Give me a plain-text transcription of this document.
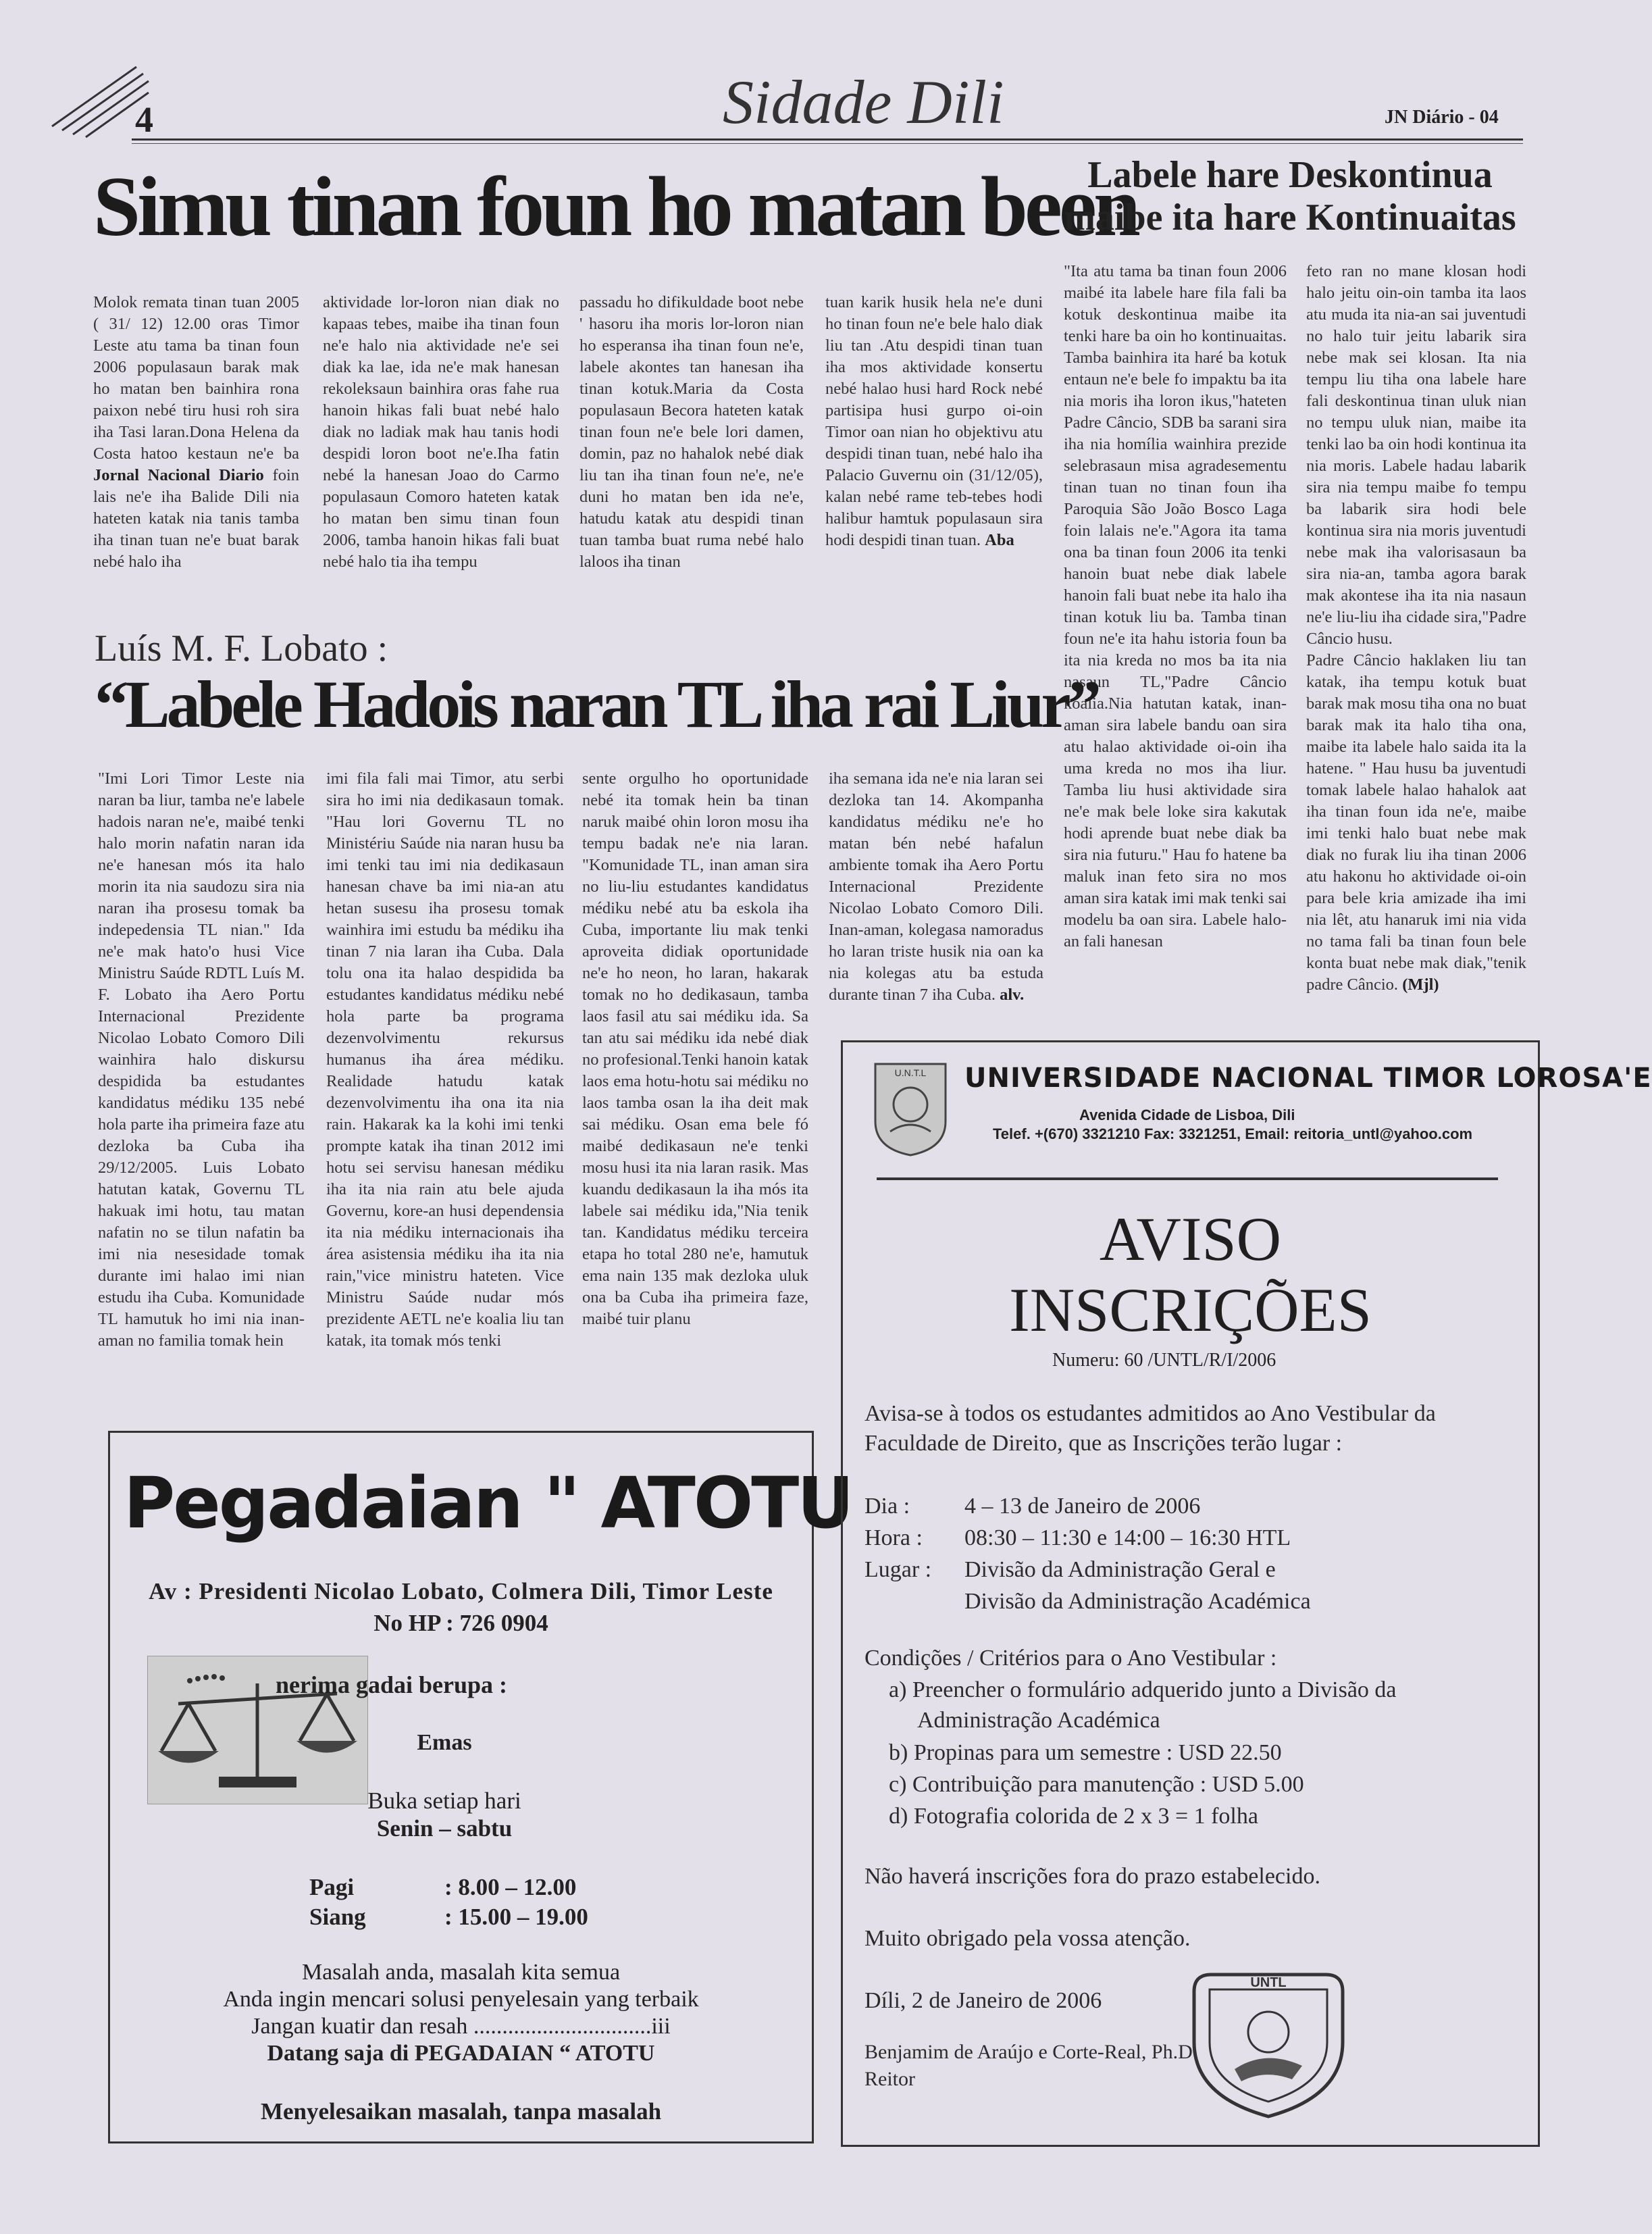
4	Sidade Dili	JN Diário - 04
Simu tinan foun ho matan been
Molok remata tinan tuan 2005 ( 31/ 12) 12.00 oras Timor Leste atu tama ba tinan foun 2006 populasaun barak mak ho matan ben bainhira rona paixon nebé tiru husi roh sira iha Tasi laran.Dona Helena da Costa hatoo kestaun ne'e ba Jornal Nacional Diario foin lais ne'e iha Balide Dili nia hateten katak nia tanis tamba iha tinan tuan ne'e buat barak nebé halo iha
aktividade lor-loron nian diak no kapaas tebes, maibe iha tinan foun ne'e halo nia aktividade ne'e sei diak ka lae, ida ne'e mak hanesan rekoleksaun bainhira oras fahe rua hanoin hikas fali buat nebé halo diak no ladiak mak hau tanis hodi despidi loron boot ne'e.Iha fatin nebé la hanesan Joao do Carmo populasaun Comoro hateten katak ho matan ben simu tinan foun 2006, tamba hanoin hikas fali buat nebé halo tia iha tempu
passadu ho difikuldade boot nebe ' hasoru iha moris lor-loron nian ho esperansa iha tinan foun ne'e, labele akontes tan hanesan iha tinan kotuk.Maria da Costa populasaun Becora hateten katak tinan foun ne'e bele lori damen, domin, paz no hahalok nebé diak liu tan iha tinan foun ne'e, ne'e duni ho matan ben ida ne'e, hatudu katak atu despidi tinan tuan tamba buat ruma nebé halo laloos iha tinan
tuan karik husik hela ne'e duni ho tinan foun ne'e bele halo diak liu tan .Atu despidi tinan tuan iha mos aktividade konsertu nebé halao husi hard Rock nebé partisipa husi gurpo oi-oin Timor oan nian ho objektivu atu despidi tinan tuan, nebé halo iha Palacio Guvernu oin (31/12/05), kalan nebé rame teb-tebes hodi halibur hamtuk populasaun sira hodi despidi tinan tuan. Aba
Labele hare Deskontinua maibe ita hare Kontinuaitas
"Ita atu tama ba tinan foun 2006 maibé ita labele hare fila fali ba kotuk deskontinua maibe ita tenki hare ba oin ho kontinuaitas. Tamba bainhira ita haré ba kotuk entaun ne'e bele fo impaktu ba ita nia moris iha loron ikus,"hateten Padre Câncio, SDB ba sarani sira iha nia homília wainhira prezide selebrasaun misa agradesementu tinan tuan no tinan foun iha Paroquia São João Bosco Laga foin lalais ne'e."Agora ita tama ona ba tinan foun 2006 ita tenki hanoin buat nebe diak labele hanoin fali buat nebe ita halo iha tinan kotuk liu ba. Tamba tinan foun ne'e ita hahu istoria foun ba ita nia kreda no mos ba ita nia nasaun TL,"Padre Câncio koalia.Nia hatutan katak, inan-aman sira labele bandu oan sira atu halao aktividade oi-oin iha uma kreda no mos iha liur. Tamba liu husi aktividade sira ne'e mak bele loke sira kakutak hodi aprende buat nebe diak ba sira nia futuru." Hau fo hatene ba maluk inan feto sira no mos aman sira katak imi mak tenki sai modelu ba oan sira. Labele halo-an fali hanesan

feto ran no mane klosan hodi halo jeitu oin-oin tamba ita laos atu muda ita nia-an sai juventudi no halo tuir jeitu labarik sira nebe mak sei klosan. Ita nia tempu liu tiha ona labele hare fali deskontinua tinan uluk nian no tempu uluk nian, maibe ita tenki lao ba oin hodi kontinua ita nia moris. Labele hadau labarik sira nia tempu maibe fo tempu ba labarik sira hodi bele kontinua sira nia moris juventudi nebe mak iha valorisasaun ba sira nia-an, tamba agora barak mak akontese iha ita nia nasaun ne'e liu-liu iha cidade sira,"Padre Câncio husu.

Padre Câncio haklaken liu tan katak, iha tempu kotuk buat barak mak mosu tiha ona no buat barak mak ita halo tiha ona, maibe ita labele halo saida ita la hatene. " Hau husu ba juventudi tomak labele halao hahalok aat iha tinan foun ida ne'e, maibe imi tenki halo buat nebe mak diak no furak liu iha tinan 2006 atu hakonu ho aktividade oi-oin para bele kria amizade iha imi nia lêt, atu hanaruk imi nia vida no tama fali ba tinan foun bele konta buat nebe mak diak,"tenik padre Câncio. (Mjl)

Luís M. F. Lobato :
“Labele Hadois naran TL iha rai Liur”
"Imi Lori Timor Leste nia naran ba liur, tamba ne'e labele hadois naran ne'e, maibé tenki halo morin nafatin naran ida ne'e hanesan mós ita halo morin ita nia saudozu sira nia naran iha prosesu tomak ba indepedensia TL nian." Ida ne'e mak hato'o husi Vice Ministru Saúde RDTL Luís M. F. Lobato iha Aero Portu Internacional Prezidente Nicolao Lobato Comoro Dili wainhira halo diskursu despidida ba estudantes kandidatus médiku 135 nebé hola parte iha primeira faze atu dezloka ba Cuba iha 29/12/2005. Luis Lobato hatutan katak, Governu TL hakuak imi hotu, tau matan nafatin no se tilun nafatin ba imi nia nesesidade tomak durante imi halao imi nian estudu iha Cuba. Komunidade TL hamutuk ho imi nia inan-aman no familia tomak hein
imi fila fali mai Timor, atu serbi sira ho imi nia dedikasaun tomak. "Hau lori Governu TL no Ministériu Saúde nia naran husu ba imi tenki tau imi nia dedikasaun hanesan chave ba imi nia-an atu hetan susesu iha prosesu tomak wainhira imi estudu ba médiku iha tinan 7 nia laran iha Cuba. Dala tolu ona ita halao despidida ba estudantes kandidatus médiku nebé hola parte ba programa dezenvolvimentu rekursus humanus iha área médiku. Realidade hatudu katak dezenvolvimentu iha ona ita nia rain. Hakarak ka la kohi imi tenki prompte katak iha tinan 2012 imi hotu sei servisu hanesan médiku iha ita nia rain atu bele ajuda Governu, kore-an husi dependensia ita nia médiku internacionais iha área asistensia médiku iha ita nia rain,"vice ministru hateten. Vice Ministru Saúde nudar mós prezidente AETL ne'e koalia liu tan katak, ita tomak mós tenki
sente orgulho ho oportunidade nebé ita tomak hein ba tinan naruk maibé ohin loron mosu iha tempu badak ne'e nia laran. "Komunidade TL, inan aman sira no liu-liu estudantes kandidatus médiku nebé atu ba eskola iha Cuba, importante liu mak tenki aproveita didiak oportunidade ne'e ho neon, ho laran, hakarak tomak no ho dedikasaun, tamba laos fasil atu sai médiku ida. Sa tan atu sai médiku ida nebé diak no profesional.Tenki hanoin katak laos ema hotu-hotu sai médiku no laos tamba osan la iha deit mak sai médiku. Osan ema bele fó maibé dedikasaun ne'e tenki mosu husi ita nia laran rasik. Mas kuandu dedikasaun la iha mós ita labele sai médiku ida,"Nia tenik tan. Kandidatus médiku terceira etapa ho total 280 ne'e, hamutuk ema nain 135 mak dezloka uluk ona ba Cuba iha primeira faze, maibé tuir planu
iha semana ida ne'e nia laran sei dezloka tan 14. Akompanha kandidatus médiku ne'e ho matan bén nebé hafalun ambiente tomak iha Aero Portu Internacional Prezidente Nicolao Lobato Comoro Dili. Inan-aman, kolegasa namoradus ho laran triste husik nia oan ka nia kolegas atu ba estuda durante tinan 7 iha Cuba. alv.
Pegadaian " ATOTU
Av : Presidenti Nicolao Lobato, Colmera Dili, Timor Leste
No HP : 726 0904
nerima gadai berupa :
Emas
Buka setiap hari
Senin – sabtu
Pagi	: 8.00 – 12.00
Siang	: 15.00 – 19.00
Masalah anda, masalah kita semua
Anda ingin mencari solusi penyelesain yang terbaik
Jangan kuatir dan resah ...............................iii
Datang saja di PEGADAIAN “ ATOTU
Menyelesaikan masalah, tanpa masalah
U.N.T.L UNIVERSIDADE NACIONAL TIMOR LOROSA'E
Avenida Cidade de Lisboa, Dili
Telef. +(670) 3321210 Fax: 3321251, Email: reitoria_untl@yahoo.com
AVISO
INSCRIÇÕES
Numeru: 60 /UNTL/R/I/2006
Avisa-se à todos os estudantes admitidos ao Ano Vestibular da Faculdade de Direito, que as Inscrições terão lugar :
Dia : 4 – 13 de Janeiro de 2006
Hora : 08:30 – 11:30 e 14:00 – 16:30 HTL
Lugar : Divisão da Administração Geral e
Divisão da Administração Académica
Condições / Critérios para o Ano Vestibular :
a) Preencher o formulário adquerido junto a Divisão da
Administração Académica
b) Propinas para um semestre : USD 22.50
c) Contribuição para manutenção : USD 5.00
d) Fotografia colorida de 2 x 3 = 1 folha
Não haverá inscrições fora do prazo estabelecido.
Muito obrigado pela vossa atenção.
Díli, 2 de Janeiro de 2006
Benjamim de Araújo e Corte-Real, Ph.D
Reitor
UNTL
